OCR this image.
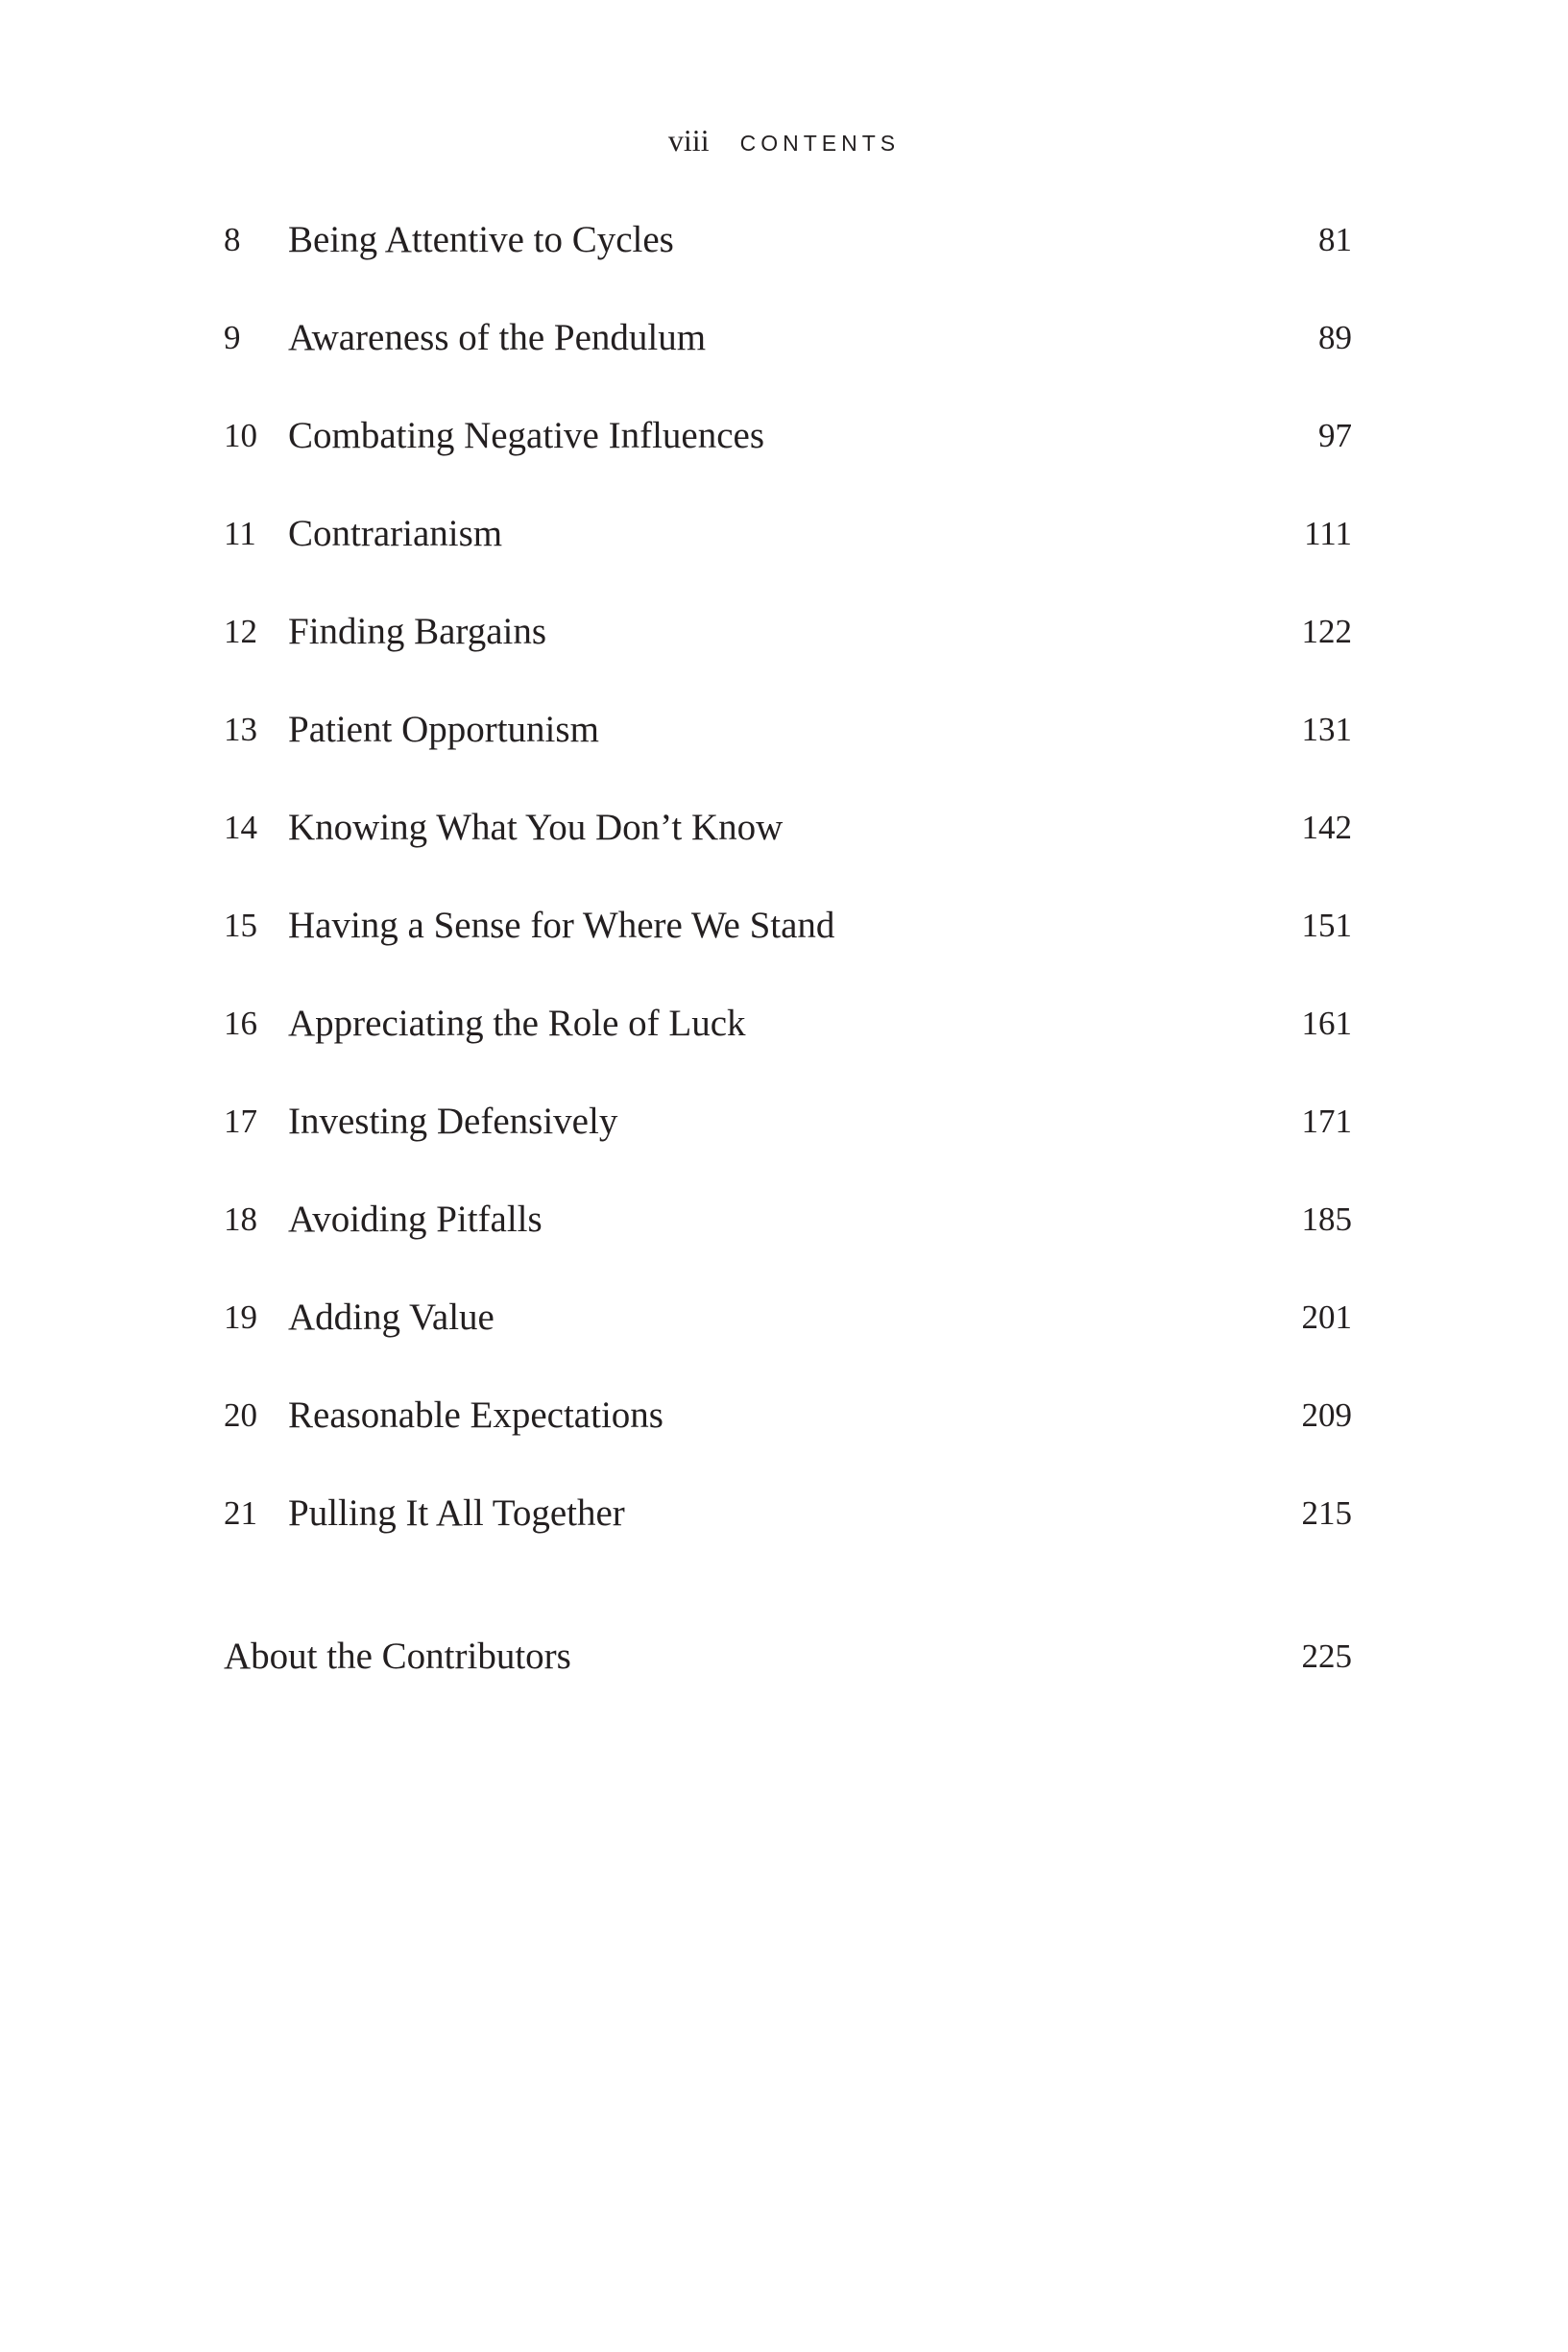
viii CONTENTS
8	Being Attentive to Cycles	81
9	Awareness of the Pendulum	89
10 Combating Negative Influences	97
11 Contrarianism	111
12 Finding Bargains	122
13 Patient Opportunism	131
14 Knowing What You Don’t Know	142
15 Having a Sense for Where We Stand	151
16 Appreciating the Role of Luck	161
17 Investing Defensively	171
18 Avoiding Pitfalls	185
19 Adding Value	201
20 Reasonable Expectations	209
21 Pulling It All Together	215
About the Contributors	225
